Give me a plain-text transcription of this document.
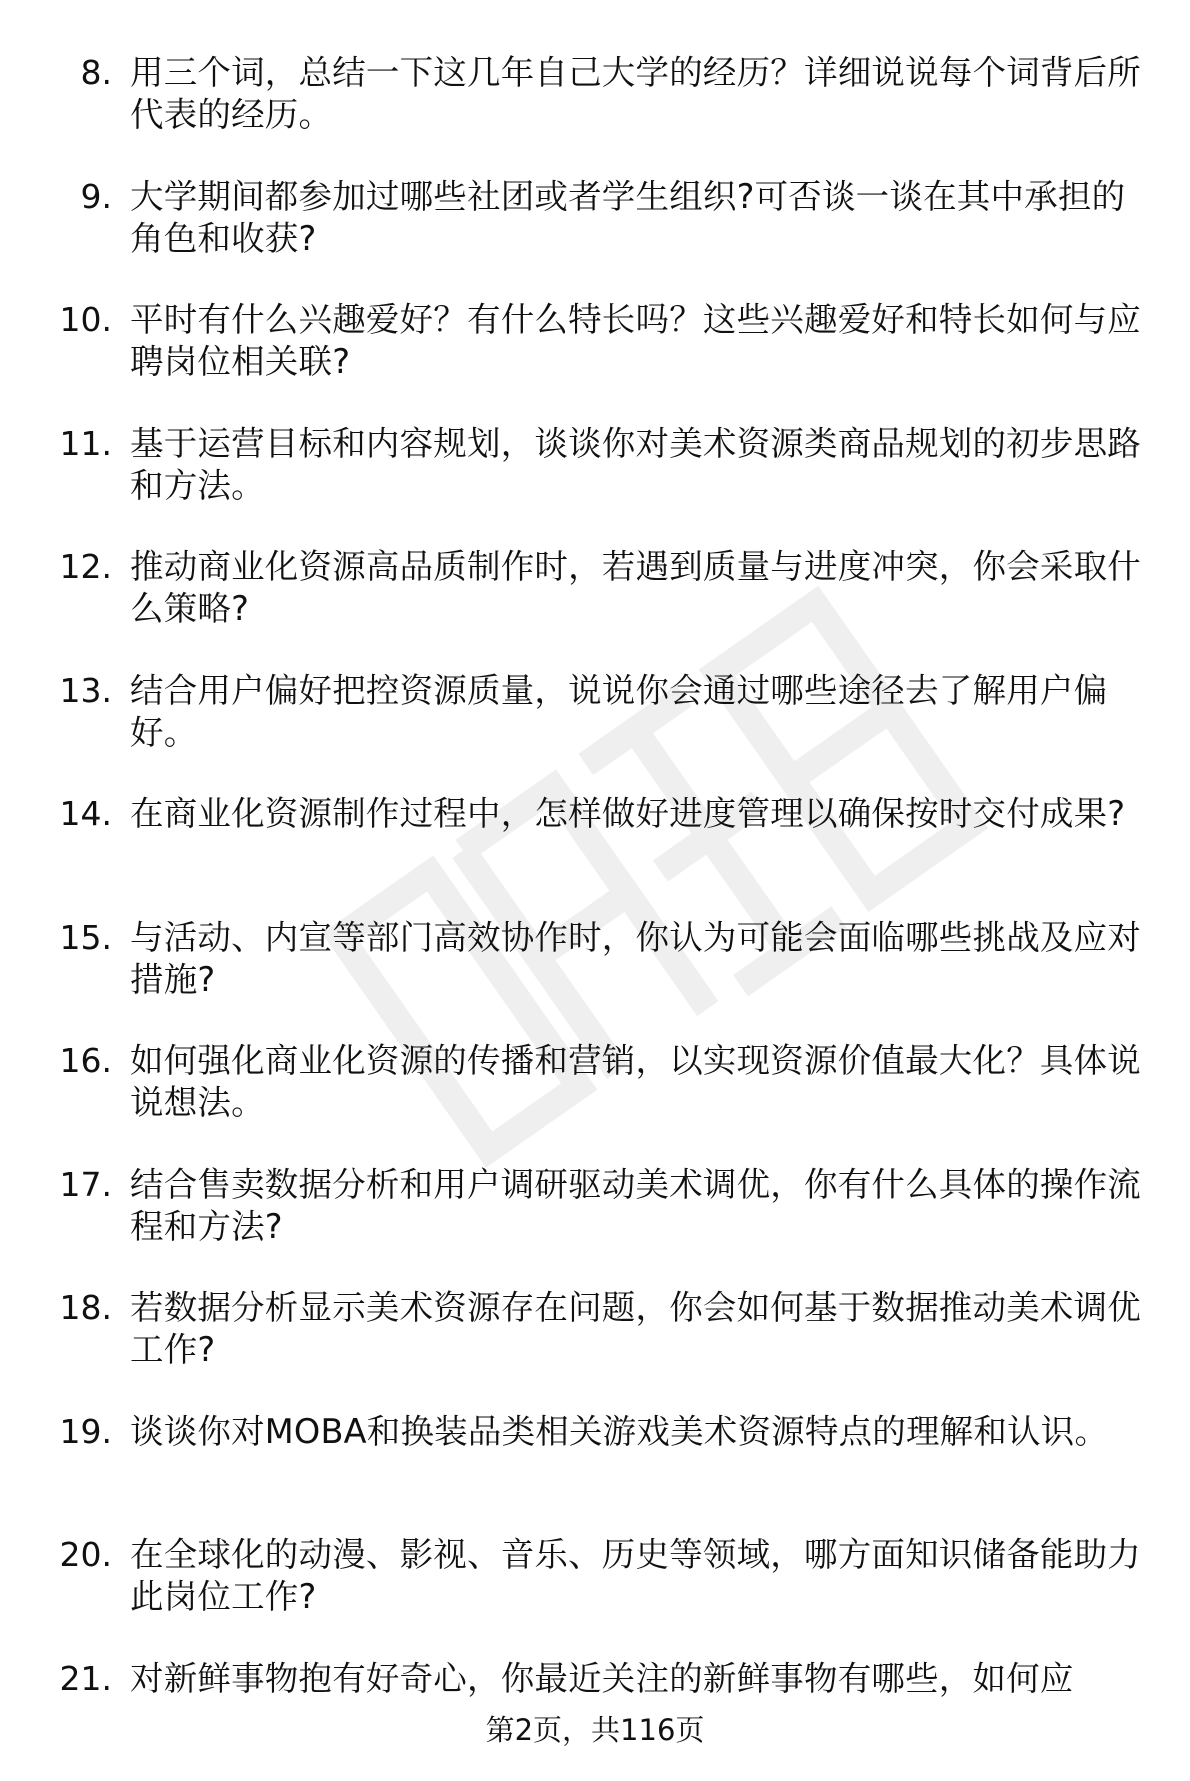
8. 用三个词，总结一下这几年自己大学的经历？详细说说每个词背后所代表的经历。
9. 大学期间都参加过哪些社团或者学生组织?可否谈一谈在其中承担的角色和收获?
10. 平时有什么兴趣爱好？有什么特长吗？这些兴趣爱好和特长如何与应聘岗位相关联?
11. 基于运营目标和内容规划，谈谈你对美术资源类商品规划的初步思路和方法。
12. 推动商业化资源高品质制作时，若遇到质量与进度冲突，你会采取什么策略?
13. 结合用户偏好把控资源质量，说说你会通过哪些途径去了解用户偏好。
14. 在商业化资源制作过程中，怎样做好进度管理以确保按时交付成果?
15. 与活动、内宣等部门高效协作时，你认为可能会面临哪些挑战及应对措施?
16. 如何强化商业化资源的传播和营销，以实现资源价值最大化？具体说说想法。
17. 结合售卖数据分析和用户调研驱动美术调优，你有什么具体的操作流程和方法?
18. 若数据分析显示美术资源存在问题，你会如何基于数据推动美术调优工作?
19. 谈谈你对MOBA和换装品类相关游戏美术资源特点的理解和认识。
20. 在全球化的动漫、影视、音乐、历史等领域，哪方面知识储备能助力此岗位工作?
21. 对新鲜事物抱有好奇心，你最近关注的新鲜事物有哪些，如何应
第2页，共116页
